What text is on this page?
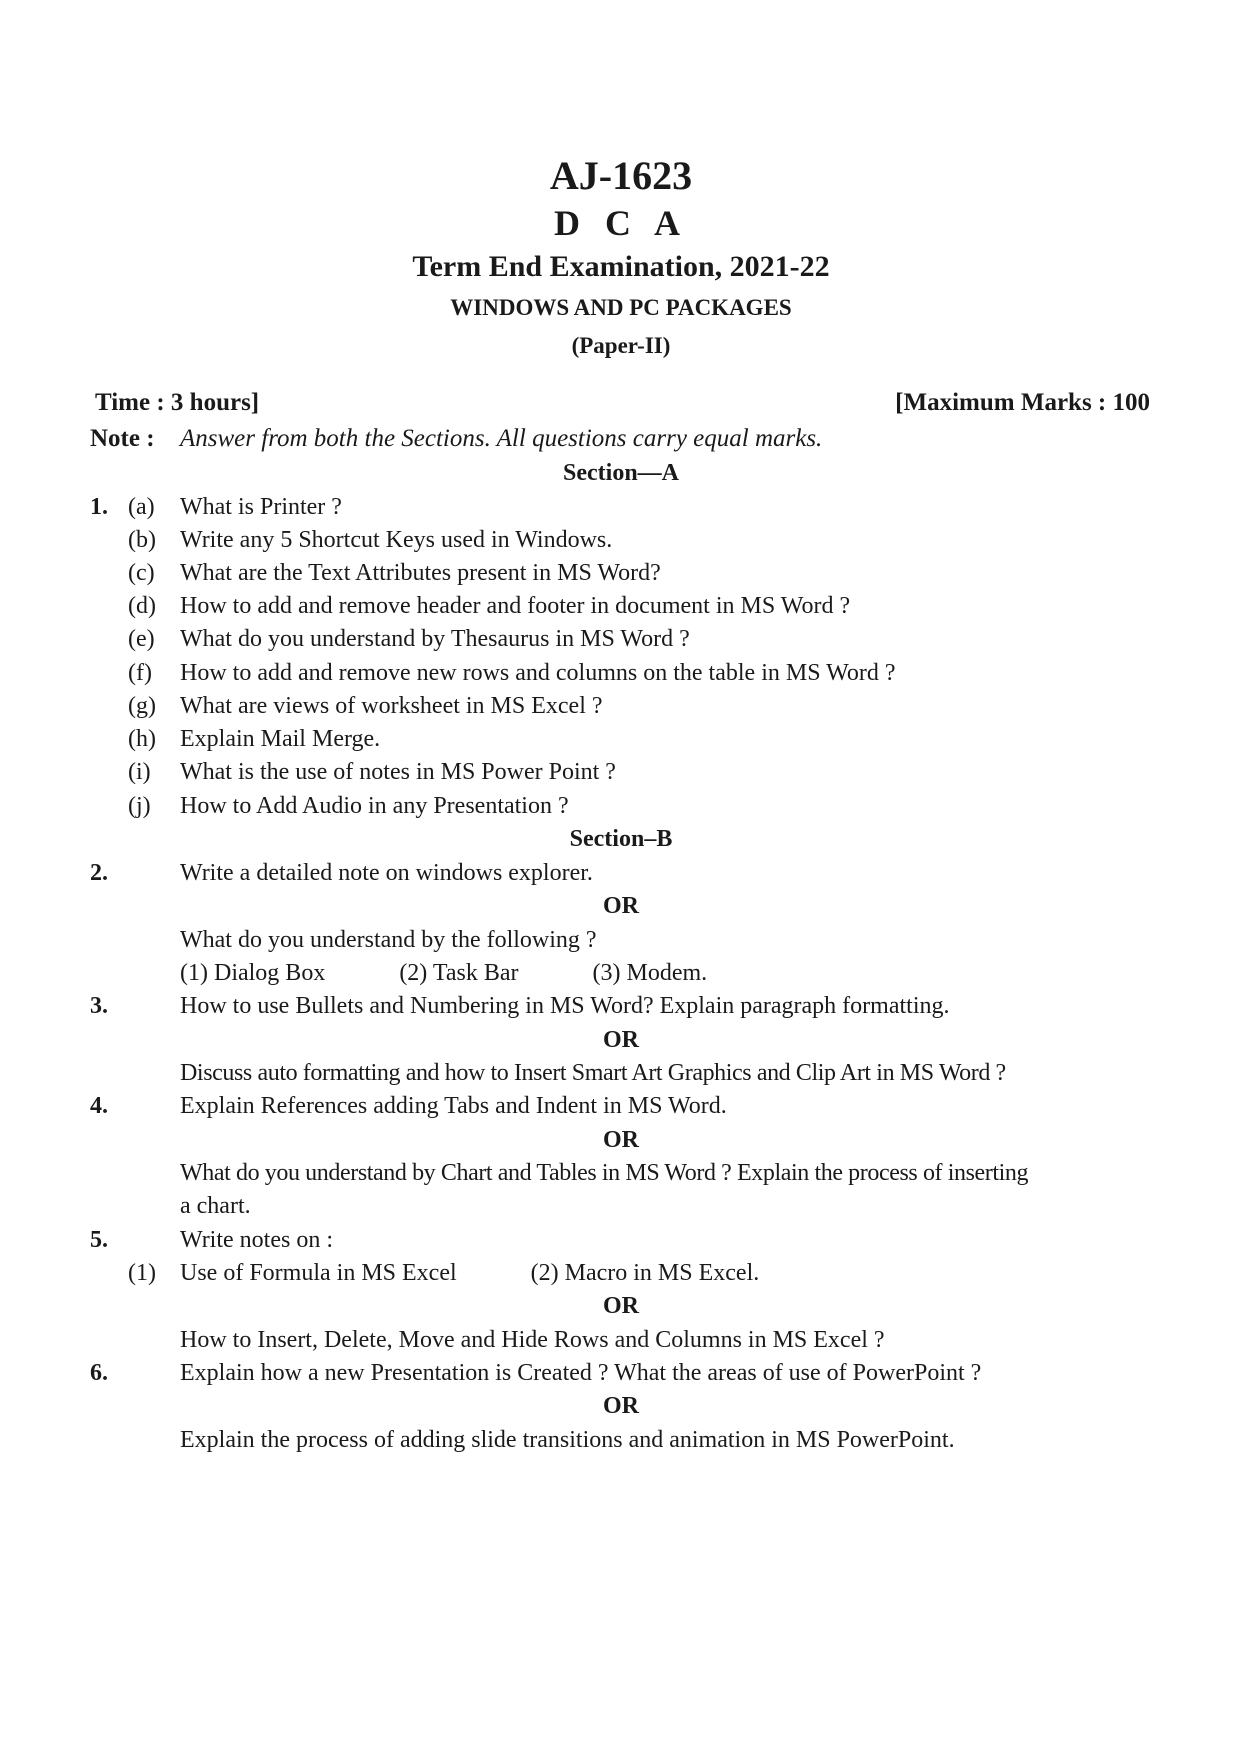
AJ-1623
D C A
Term End Examination, 2021-22
WINDOWS AND PC PACKAGES
(Paper-II)
Time : 3 hours]	[Maximum Marks : 100
Note : Answer from both the Sections. All questions carry equal marks.
Section—A
1. (a) What is Printer ?
(b) Write any 5 Shortcut Keys used in Windows.
(c) What are the Text Attributes present in MS Word?
(d) How to add and remove header and footer in document in MS Word ?
(e) What do you understand by Thesaurus in MS Word ?
(f) How to add and remove new rows and columns on the table in MS Word ?
(g) What are views of worksheet in MS Excel ?
(h) Explain Mail Merge.
(i) What is the use of notes in MS Power Point ?
(j) How to Add Audio in any Presentation ?
Section–B
2.	Write a detailed note on windows explorer.
OR
What do you understand by the following ?
(1) Dialog Box	(2) Task Bar	(3) Modem.
3.	How to use Bullets and Numbering in MS Word? Explain paragraph formatting.
OR
Discuss auto formatting and how to Insert Smart Art Graphics and Clip Art in MS Word ?
4.	Explain References adding Tabs and Indent in MS Word.
OR
What do you understand by Chart and Tables in MS Word ? Explain the process of inserting
a chart.
5.	Write notes on :
(1) Use of Formula in MS Excel	(2) Macro in MS Excel.
OR
How to Insert, Delete, Move and Hide Rows and Columns in MS Excel ?
6.	Explain how a new Presentation is Created ? What the areas of use of PowerPoint ?
OR
Explain the process of adding slide transitions and animation in MS PowerPoint.
